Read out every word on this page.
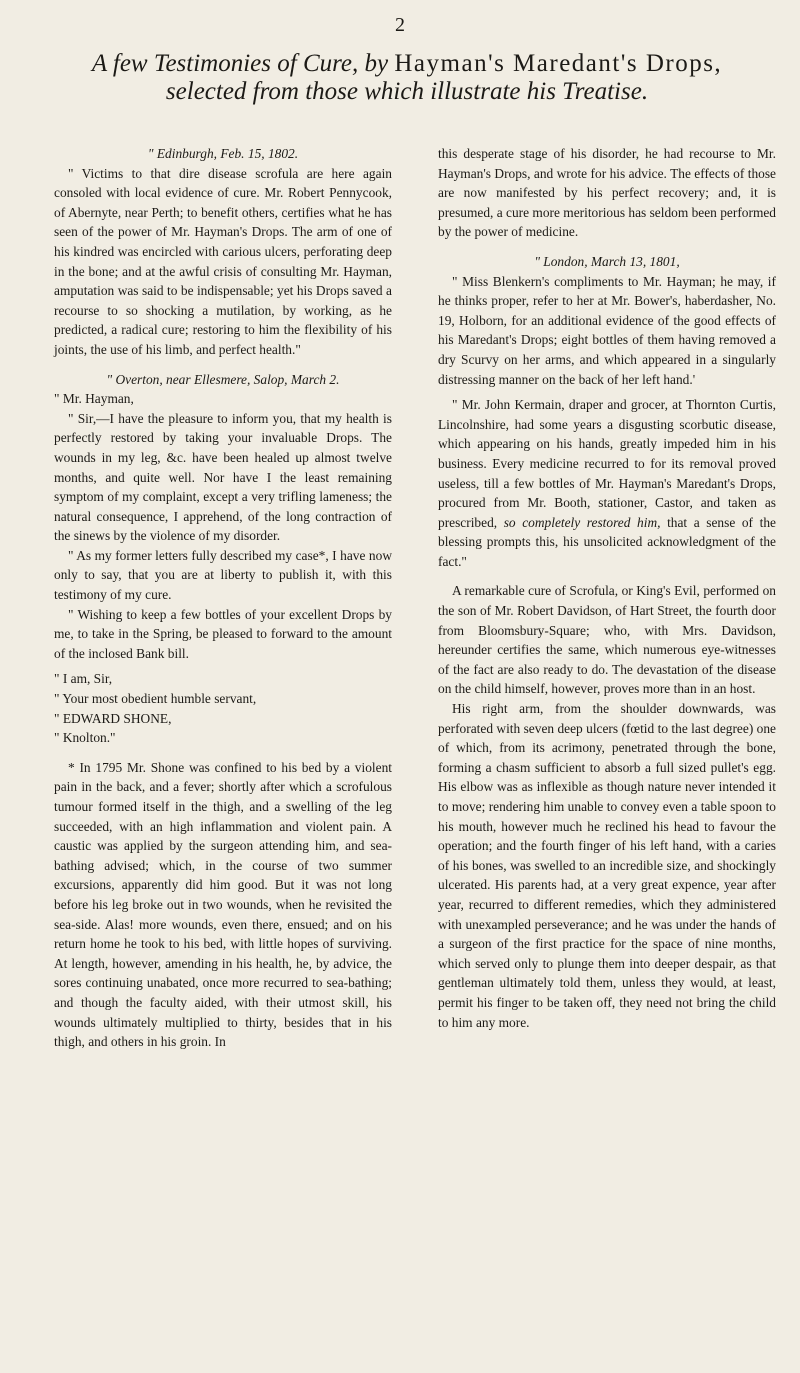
2
A few Testimonies of Cure, by Hayman's Maredant's Drops,
selected from those which illustrate his Treatise.

" Edinburgh, Feb. 15, 1802.

" Victims to that dire disease scrofula are here again consoled with local evidence of cure. Mr. Robert Pennycook, of Abernyte, near Perth; to benefit others, certifies what he has seen of the power of Mr. Hayman's Drops. The arm of one of his kindred was encircled with carious ulcers, perforating deep in the bone; and at the awful crisis of consulting Mr. Hayman, amputation was said to be indispensable; yet his Drops saved a recourse to so shocking a mutilation, by working, as he predicted, a radical cure; restoring to him the flexibility of his joints, the use of his limb, and perfect health."

" Overton, near Ellesmere, Salop, March 2.

" Mr. Hayman,

" Sir,—I have the pleasure to inform you, that my health is perfectly restored by taking your invaluable Drops. The wounds in my leg, &c. have been healed up almost twelve months, and quite well. Nor have I the least remaining symptom of my complaint, except a very trifling lameness; the natural consequence, I apprehend, of the long contraction of the sinews by the violence of my disorder.

" As my former letters fully described my case*, I have now only to say, that you are at liberty to publish it, with this testimony of my cure.

" Wishing to keep a few bottles of your excellent Drops by me, to take in the Spring, be pleased to forward to the amount of the inclosed Bank bill.

" I am, Sir,

" Your most obedient humble servant,

" EDWARD SHONE,

" Knolton."

* In 1795 Mr. Shone was confined to his bed by a violent pain in the back, and a fever; shortly after which a scrofulous tumour formed itself in the thigh, and a swelling of the leg succeeded, with an high inflammation and violent pain. A caustic was applied by the surgeon attending him, and sea-bathing advised; which, in the course of two summer excursions, apparently did him good. But it was not long before his leg broke out in two wounds, when he revisited the sea-side. Alas! more wounds, even there, ensued; and on his return home he took to his bed, with little hopes of surviving. At length, however, amending in his health, he, by advice, the sores continuing unabated, once more recurred to sea-bathing; and though the faculty aided, with their utmost skill, his wounds ultimately multiplied to thirty, besides that in his thigh, and others in his groin. In

this desperate stage of his disorder, he had recourse to Mr. Hayman's Drops, and wrote for his advice. The effects of those are now manifested by his perfect recovery; and, it is presumed, a cure more meritorious has seldom been performed by the power of medicine.

" London, March 13, 1801,

" Miss Blenkern's compliments to Mr. Hayman; he may, if he thinks proper, refer to her at Mr. Bower's, haberdasher, No. 19, Holborn, for an additional evidence of the good effects of his Maredant's Drops; eight bottles of them having removed a dry Scurvy on her arms, and which appeared in a singularly distressing manner on the back of her left hand.'

" Mr. John Kermain, draper and grocer, at Thornton Curtis, Lincolnshire, had some years a disgusting scorbutic disease, which appearing on his hands, greatly impeded him in his business. Every medicine recurred to for its removal proved useless, till a few bottles of Mr. Hayman's Maredant's Drops, procured from Mr. Booth, stationer, Castor, and taken as prescribed, so completely restored him, that a sense of the blessing prompts this, his unsolicited acknowledgment of the fact."

A remarkable cure of Scrofula, or King's Evil, performed on the son of Mr. Robert Davidson, of Hart Street, the fourth door from Bloomsbury-Square; who, with Mrs. Davidson, hereunder certifies the same, which numerous eye-witnesses of the fact are also ready to do. The devastation of the disease on the child himself, however, proves more than in an host.

His right arm, from the shoulder downwards, was perforated with seven deep ulcers (fœtid to the last degree) one of which, from its acrimony, penetrated through the bone, forming a chasm sufficient to absorb a full sized pullet's egg. His elbow was as inflexible as though nature never intended it to move; rendering him unable to convey even a table spoon to his mouth, however much he reclined his head to favour the operation; and the fourth finger of his left hand, with a caries of his bones, was swelled to an incredible size, and shockingly ulcerated. His parents had, at a very great expence, year after year, recurred to different remedies, which they administered with unexampled perseverance; and he was under the hands of a surgeon of the first practice for the space of nine months, which served only to plunge them into deeper despair, as that gentleman ultimately told them, unless they would, at least, permit his finger to be taken off, they need not bring the child to him any more.
